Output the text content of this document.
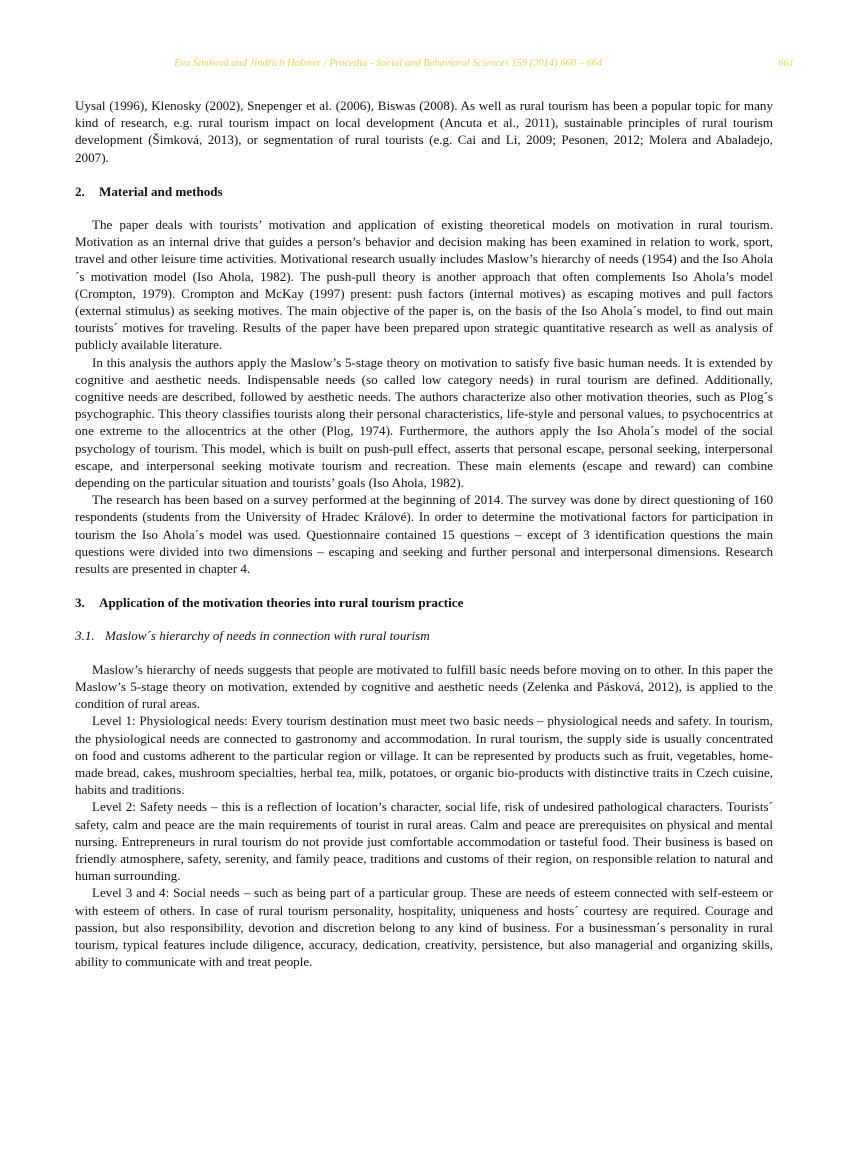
Eva Šimková and Jindřich Holzner / Procedia - Social and Behavioral Sciences 159 (2014) 660 – 664	661

Uysal (1996), Klenosky (2002), Snepenger et al. (2006), Biswas (2008). As well as rural tourism has been a popular topic for many kind of research, e.g. rural tourism impact on local development (Ancuta et al., 2011), sustainable principles of rural tourism development (Šimková, 2013), or segmentation of rural tourists (e.g. Cai and Li, 2009; Pesonen, 2012; Molera and Abaladejo, 2007).

2. Material and methods

The paper deals with tourists’ motivation and application of existing theoretical models on motivation in rural tourism. Motivation as an internal drive that guides a person’s behavior and decision making has been examined in relation to work, sport, travel and other leisure time activities. Motivational research usually includes Maslow’s hierarchy of needs (1954) and the Iso Ahola´s motivation model (Iso Ahola, 1982). The push-pull theory is another approach that often complements Iso Ahola’s model (Crompton, 1979). Crompton and McKay (1997) present: push factors (internal motives) as escaping motives and pull factors (external stimulus) as seeking motives. The main objective of the paper is, on the basis of the Iso Ahola´s model, to find out main tourists´ motives for traveling. Results of the paper have been prepared upon strategic quantitative research as well as analysis of publicly available literature.

In this analysis the authors apply the Maslow’s 5-stage theory on motivation to satisfy five basic human needs. It is extended by cognitive and aesthetic needs. Indispensable needs (so called low category needs) in rural tourism are defined. Additionally, cognitive needs are described, followed by aesthetic needs. The authors characterize also other motivation theories, such as Plog´s psychographic. This theory classifies tourists along their personal characteristics, life-style and personal values, to psychocentrics at one extreme to the allocentrics at the other (Plog, 1974). Furthermore, the authors apply the Iso Ahola´s model of the social psychology of tourism. This model, which is built on push-pull effect, asserts that personal escape, personal seeking, interpersonal escape, and interpersonal seeking motivate tourism and recreation. These main elements (escape and reward) can combine depending on the particular situation and tourists’ goals (Iso Ahola, 1982).

The research has been based on a survey performed at the beginning of 2014. The survey was done by direct questioning of 160 respondents (students from the University of Hradec Králové). In order to determine the motivational factors for participation in tourism the Iso Ahola´s model was used. Questionnaire contained 15 questions – except of 3 identification questions the main questions were divided into two dimensions – escaping and seeking and further personal and interpersonal dimensions. Research results are presented in chapter 4.

3. Application of the motivation theories into rural tourism practice
3.1. Maslow´s hierarchy of needs in connection with rural tourism

Maslow’s hierarchy of needs suggests that people are motivated to fulfill basic needs before moving on to other. In this paper the Maslow’s 5-stage theory on motivation, extended by cognitive and aesthetic needs (Zelenka and Pásková, 2012), is applied to the condition of rural areas.

Level 1: Physiological needs: Every tourism destination must meet two basic needs – physiological needs and safety. In tourism, the physiological needs are connected to gastronomy and accommodation. In rural tourism, the supply side is usually concentrated on food and customs adherent to the particular region or village. It can be represented by products such as fruit, vegetables, home-made bread, cakes, mushroom specialties, herbal tea, milk, potatoes, or organic bio-products with distinctive traits in Czech cuisine, habits and traditions.

Level 2: Safety needs – this is a reflection of location’s character, social life, risk of undesired pathological characters. Tourists´ safety, calm and peace are the main requirements of tourist in rural areas. Calm and peace are prerequisites on physical and mental nursing. Entrepreneurs in rural tourism do not provide just comfortable accommodation or tasteful food. Their business is based on friendly atmosphere, safety, serenity, and family peace, traditions and customs of their region, on responsible relation to natural and human surrounding.

Level 3 and 4: Social needs – such as being part of a particular group. These are needs of esteem connected with self-esteem or with esteem of others. In case of rural tourism personality, hospitality, uniqueness and hosts´ courtesy are required. Courage and passion, but also responsibility, devotion and discretion belong to any kind of business. For a businessman´s personality in rural tourism, typical features include diligence, accuracy, dedication, creativity, persistence, but also managerial and organizing skills, ability to communicate with and treat people.
